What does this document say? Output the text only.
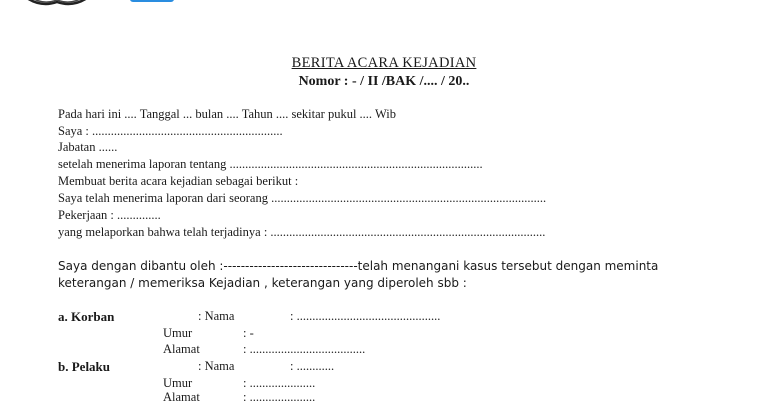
BERITA ACARA KEJADIAN
Nomor : - / II /BAK /.... / 20..
Pada hari ini .... Tanggal ... bulan .... Tahun .... sekitar pukul .... Wib
Saya : .............................................................
Jabatan ......
setelah menerima laporan tentang .................................................................................
Membuat berita acara kejadian sebagai berikut :
Saya telah menerima laporan dari seorang ........................................................................................
Pekerjaan : ..............
yang melaporkan bahwa telah terjadinya : ........................................................................................
Saya dengan dibantu oleh :-------------------------------telah menangani kasus tersebut dengan meminta
keterangan / memeriksa Kejadian , keterangan yang diperoleh sbb :
a. Korban	: Nama	: ..............................................
Umur	: -
Alamat	: .....................................
b. Pelaku	: Nama	: ............
Umur	: .....................
Alamat	: .....................
